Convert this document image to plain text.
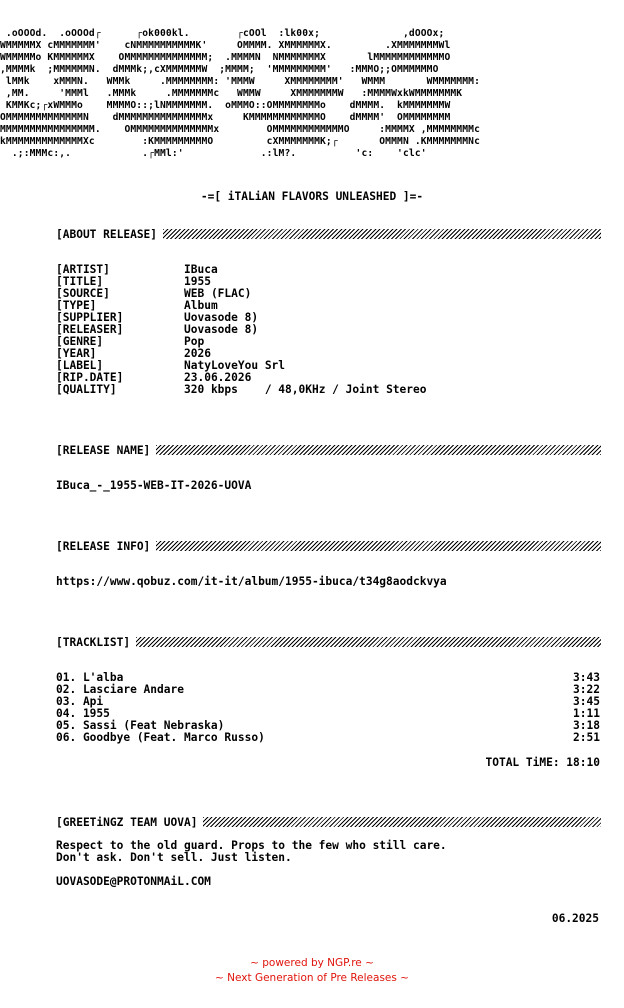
.oOOOd.  .oOOOd┌      ┌ok000kl.        ┌cOOl  :lk00x;              ,dOOOx;
WMMMMMX cMMMMMMM'    cNMMMMMMMMMMK'     OMMMM. XMMMMMMX.         .XMMMMMMMWl
WMMMMMo KMMMMMMX    OMMMMMMMMMMMMMM;  .MMMMN  NMMMMMMMX       lMMMMMMMMMMMMO
,MMMMk  ;MMMMMMN.  dMMMk;,cXMMMMMMW  ;MMMM;  'MMMMMMMMM'   :MMMO;;OMMMMMMO
lMMk    xMMMN.   WMMk     .MMMMMMMM: 'MMMW     XMMMMMMMM'   WMMM       WMMMMMMM:
,MM.     'MMMl   .MMMk     .MMMMMMMc   WMMW     XMMMMMMMW   :MMMMWxkWMMMMMMMK
KMMKc;┌xWMMMo    MMMMO::;lNMMMMMMM.  oMMMO::OMMMMMMMMo    dMMMM.  kMMMMMMMW
OMMMMMMMMMMMMMN    dMMMMMMMMMMMMMMMx     KMMMMMMMMMMMMO    dMMMM'  OMMMMMMMM
MMMMMMMMMMMMMMMM.    OMMMMMMMMMMMMMMx        OMMMMMMMMMMMMO     :MMMMX ,MMMMMMMMc
kMMMMMMMMMMMMMXc        :KMMMMMMMMMO         cXMMMMMMMK;┌       OMMMN .KMMMMMMMNc
.;:MMMc:,.            .┌MMl:'             .:lM?.          'c:    'clc'
-=[ iTALiAN FLAVORS UNLEASHED ]=-
[ABOUT RELEASE]
[ARTIST]	IBuca
[TITLE]	1955
[SOURCE]	WEB (FLAC)
[TYPE]	Album
[SUPPLIER]	Uovasode 8)
[RELEASER]	Uovasode 8)
[GENRE]	Pop
[YEAR]	2026
[LABEL]	NatyLoveYou Srl
[RIP.DATE]	23.06.2026
[QUALITY]	320 kbps    / 48,0KHz / Joint Stereo
[RELEASE NAME]
IBuca_-_1955-WEB-IT-2026-UOVA
[RELEASE INFO]
https://www.qobuz.com/it-it/album/1955-ibuca/t34g8aodckvya
[TRACKLIST]
01. L'alba	3:43
02. Lasciare Andare	3:22
03. Api	3:45
04. 1955	1:11
05. Sassi (Feat Nebraska)	3:18
06. Goodbye (Feat. Marco Russo)	2:51
TOTAL TiME: 18:10
[GREETiNGZ TEAM UOVA]
Respect to the old guard. Props to the few who still care.
Don't ask. Don't sell. Just listen.
UOVASODE@PROTONMAiL.COM
06.2025
~ powered by NGP.re ~
~ Next Generation of Pre Releases ~
